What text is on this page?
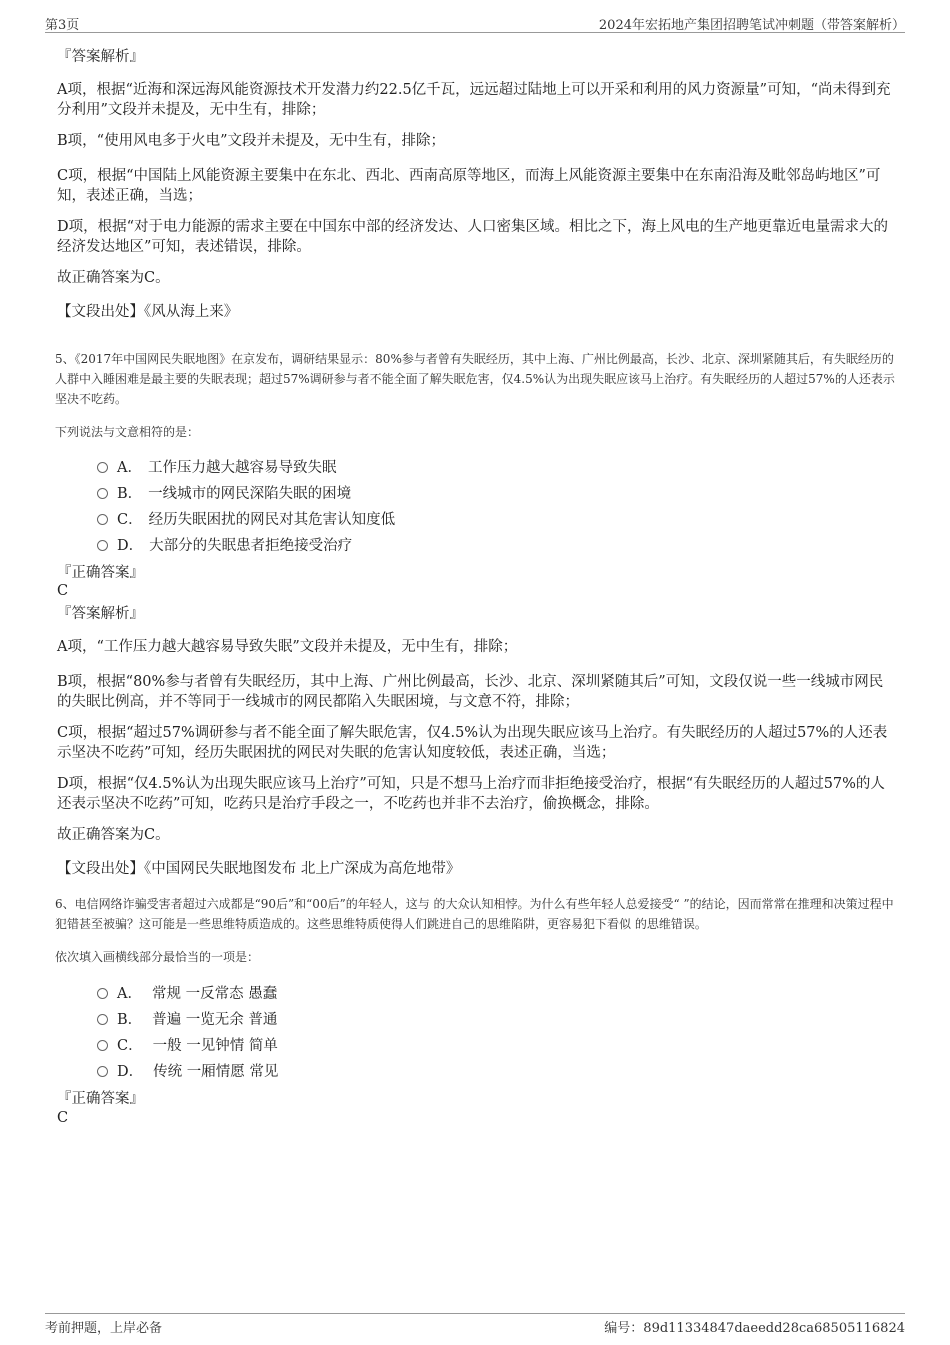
第3页	2024年宏拓地产集团招聘笔试冲刺题（带答案解析）
『答案解析』
A项，根据“近海和深远海风能资源技术开发潜力约22.5亿千瓦，远远超过陆地上可以开采和利用的风力资源量”可知，“尚未得到充分利用”文段并未提及，无中生有，排除；
B项，“使用风电多于火电”文段并未提及，无中生有，排除；
C项，根据“中国陆上风能资源主要集中在东北、西北、西南高原等地区，而海上风能资源主要集中在东南沿海及毗邻岛屿地区”可知，表述正确，当选；
D项，根据“对于电力能源的需求主要在中国东中部的经济发达、人口密集区域。相比之下，海上风电的生产地更靠近电量需求大的经济发达地区”可知，表述错误，排除。
故正确答案为C。
【文段出处】《风从海上来》
5、《2017年中国网民失眠地图》在京发布，调研结果显示：80%参与者曾有失眠经历，其中上海、广州比例最高，长沙、北京、深圳紧随其后，有失眠经历的人群中入睡困难是最主要的失眠表现；超过57%调研参与者不能全面了解失眠危害，仅4.5%认为出现失眠应该马上治疗。有失眠经历的人超过57%的人还表示坚决不吃药。
下列说法与文意相符的是：
A． 工作压力越大越容易导致失眠
B． 一线城市的网民深陷失眠的困境
C． 经历失眠困扰的网民对其危害认知度低
D． 大部分的失眠患者拒绝接受治疗
『正确答案』
C
『答案解析』
A项，“工作压力越大越容易导致失眠”文段并未提及，无中生有，排除；
B项，根据“80%参与者曾有失眠经历，其中上海、广州比例最高，长沙、北京、深圳紧随其后”可知，文段仅说一些一线城市网民的失眠比例高，并不等同于一线城市的网民都陷入失眠困境，与文意不符，排除；
C项，根据“超过57%调研参与者不能全面了解失眠危害，仅4.5%认为出现失眠应该马上治疗。有失眠经历的人超过57%的人还表示坚决不吃药”可知，经历失眠困扰的网民对失眠的危害认知度较低，表述正确，当选；
D项，根据“仅4.5%认为出现失眠应该马上治疗”可知，只是不想马上治疗而非拒绝接受治疗，根据“有失眠经历的人超过57%的人还表示坚决不吃药”可知，吃药只是治疗手段之一，不吃药也并非不去治疗，偷换概念，排除。
故正确答案为C。
【文段出处】《中国网民失眠地图发布 北上广深成为高危地带》
6、电信网络诈骗受害者超过六成都是“90后”和“00后”的年轻人，这与 的大众认知相悖。为什么有些年轻人总爱接受“ ”的结论，因而常常在推理和决策过程中犯错甚至被骗？这可能是一些思维特质造成的。这些思维特质使得人们跳进自己的思维陷阱，更容易犯下看似 的思维错误。
依次填入画横线部分最恰当的一项是：
A． 常规 一反常态 愚蠢
B． 普遍 一览无余 普通
C． 一般 一见钟情 简单
D． 传统 一厢情愿 常见
『正确答案』
C
考前押题，上岸必备	编号：89d11334847daeedd28ca68505116824
